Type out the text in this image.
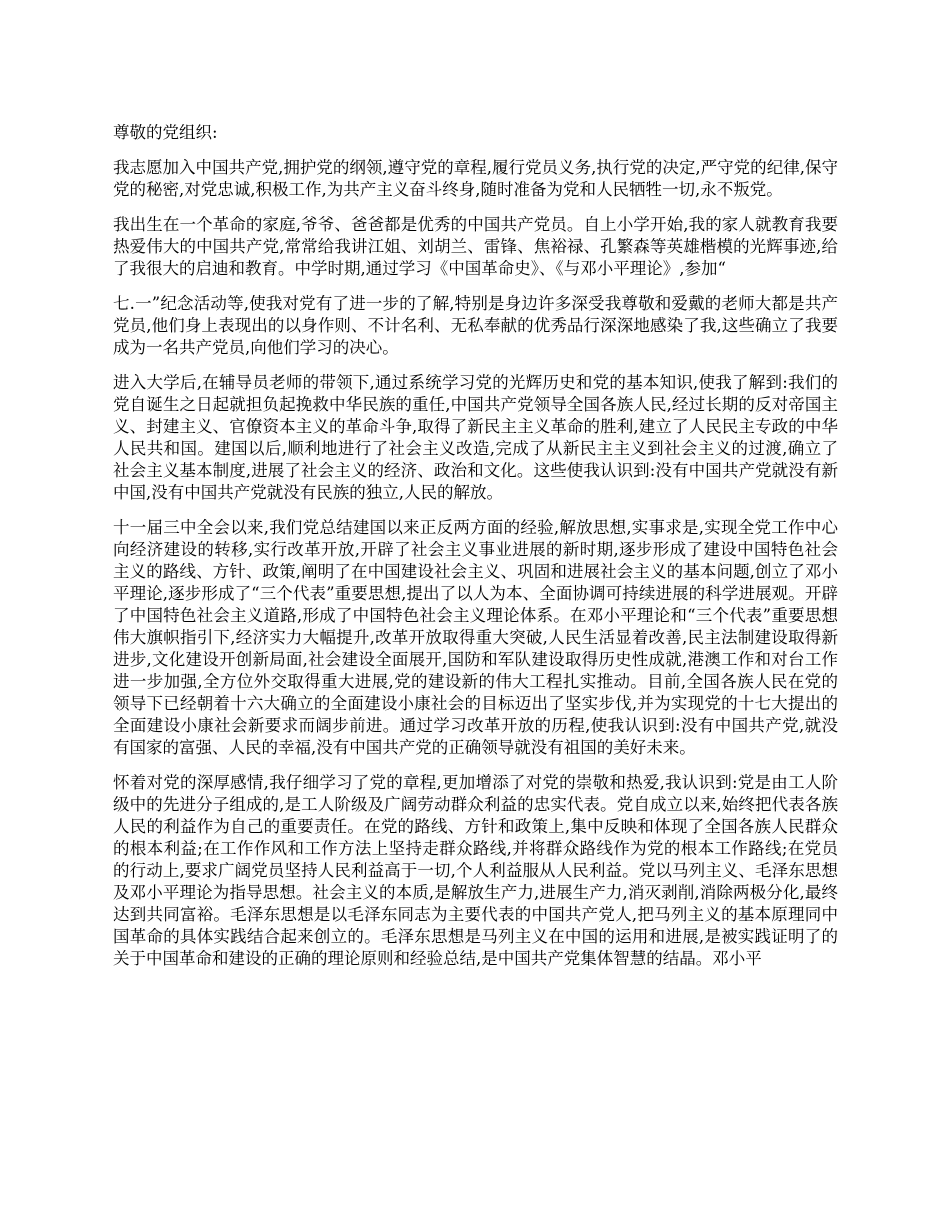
尊敬的党组织:

我志愿加入中国共产党,拥护党的纲领,遵守党的章程,履行党员义务,执行党的决定,严守党的纪律,保守党的秘密,对党忠诚,积极工作,为共产主义奋斗终身,随时准备为党和人民牺牲一切,永不叛党。

我出生在一个革命的家庭,爷爷、爸爸都是优秀的中国共产党员。自上小学开始,我的家人就教育我要热爱伟大的中国共产党,常常给我讲江姐、刘胡兰、雷锋、焦裕禄、孔繁森等英雄楷模的光辉事迹,给了我很大的启迪和教育。中学时期,通过学习《中国革命史》、《与邓小平理论》,参加“

七.一”纪念活动等,使我对党有了进一步的了解,特别是身边许多深受我尊敬和爱戴的老师大都是共产党员,他们身上表现出的以身作则、不计名利、无私奉献的优秀品行深深地感染了我,这些确立了我要成为一名共产党员,向他们学习的决心。

进入大学后,在辅导员老师的带领下,通过系统学习党的光辉历史和党的基本知识,使我了解到:我们的党自诞生之日起就担负起挽救中华民族的重任,中国共产党领导全国各族人民,经过长期的反对帝国主义、封建主义、官僚资本主义的革命斗争,取得了新民主主义革命的胜利,建立了人民民主专政的中华人民共和国。建国以后,顺利地进行了社会主义改造,完成了从新民主主义到社会主义的过渡,确立了社会主义基本制度,进展了社会主义的经济、政治和文化。这些使我认识到:没有中国共产党就没有新中国,没有中国共产党就没有民族的独立,人民的解放。

十一届三中全会以来,我们党总结建国以来正反两方面的经验,解放思想,实事求是,实现全党工作中心向经济建设的转移,实行改革开放,开辟了社会主义事业进展的新时期,逐步形成了建设中国特色社会主义的路线、方针、政策,阐明了在中国建设社会主义、巩固和进展社会主义的基本问题,创立了邓小平理论,逐步形成了“三个代表”重要思想,提出了以人为本、全面协调可持续进展的科学进展观。开辟了中国特色社会主义道路,形成了中国特色社会主义理论体系。在邓小平理论和“三个代表”重要思想伟大旗帜指引下,经济实力大幅提升,改革开放取得重大突破,人民生活显着改善,民主法制建设取得新进步,文化建设开创新局面,社会建设全面展开,国防和军队建设取得历史性成就,港澳工作和对台工作进一步加强,全方位外交取得重大进展,党的建设新的伟大工程扎实推动。目前,全国各族人民在党的领导下已经朝着十六大确立的全面建设小康社会的目标迈出了坚实步伐,并为实现党的十七大提出的全面建设小康社会新要求而阔步前进。通过学习改革开放的历程,使我认识到:没有中国共产党,就没有国家的富强、人民的幸福,没有中国共产党的正确领导就没有祖国的美好未来。

怀着对党的深厚感情,我仔细学习了党的章程,更加增添了对党的崇敬和热爱,我认识到:党是由工人阶级中的先进分子组成的,是工人阶级及广阔劳动群众利益的忠实代表。党自成立以来,始终把代表各族人民的利益作为自己的重要责任。在党的路线、方针和政策上,集中反映和体现了全国各族人民群众的根本利益;在工作作风和工作方法上坚持走群众路线,并将群众路线作为党的根本工作路线;在党员的行动上,要求广阔党员坚持人民利益高于一切,个人利益服从人民利益。党以马列主义、毛泽东思想及邓小平理论为指导思想。社会主义的本质,是解放生产力,进展生产力,消灭剥削,消除两极分化,最终达到共同富裕。毛泽东思想是以毛泽东同志为主要代表的中国共产党人,把马列主义的基本原理同中国革命的具体实践结合起来创立的。毛泽东思想是马列主义在中国的运用和进展,是被实践证明了的关于中国革命和建设的正确的理论原则和经验总结,是中国共产党集体智慧的结晶。邓小平
